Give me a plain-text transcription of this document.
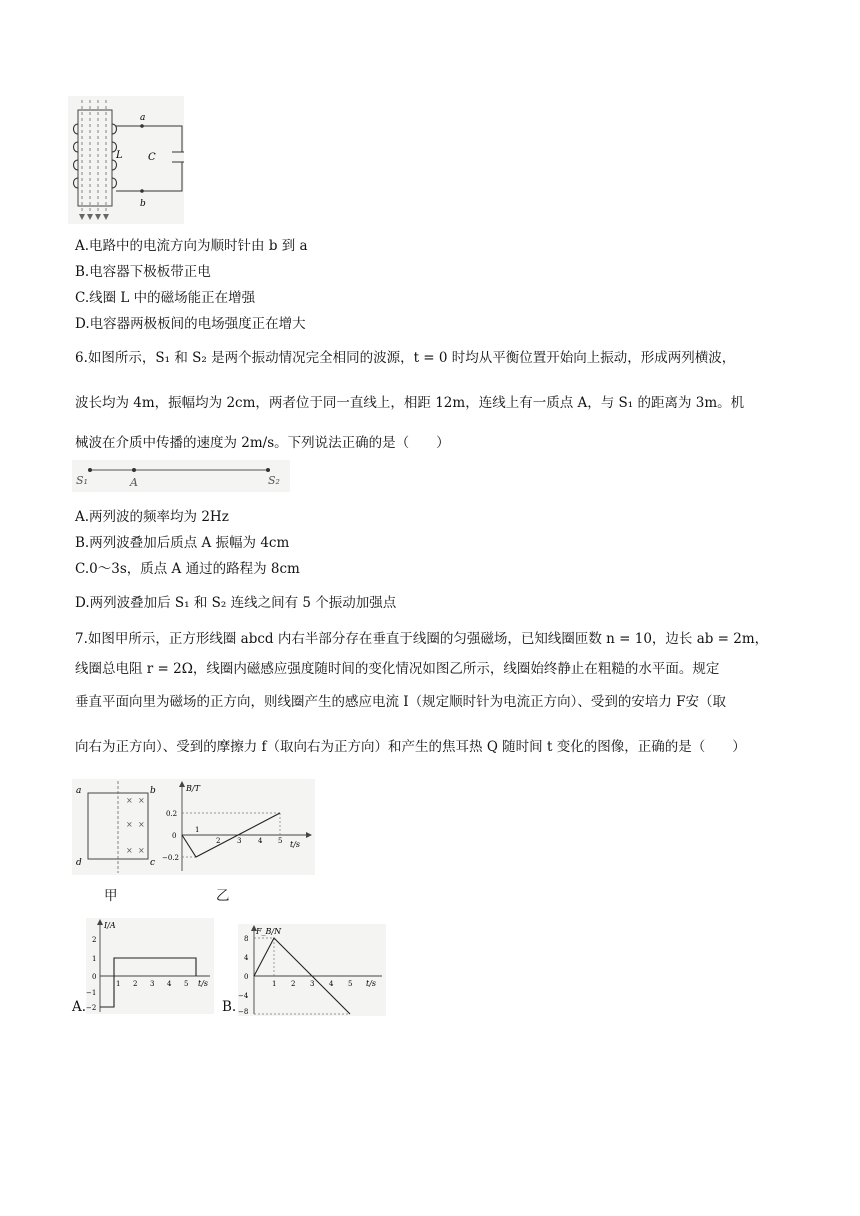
a
b
C
L
A.电路中的电流方向为顺时针由 b 到 a
B.电容器下极板带正电
C.线圈 L 中的磁场能正在增强
D.电容器两极板间的电场强度正在增大
6.如图所示，S₁ 和 S₂ 是两个振动情况完全相同的波源，t = 0 时均从平衡位置开始向上振动，形成两列横波，
波长均为 4m，振幅均为 2cm，两者位于同一直线上，相距 12m，连线上有一质点 A，与 S₁ 的距离为 3m。机
械波在介质中传播的速度为 2m/s。下列说法正确的是（　　）
S₁	A	S₂
A.两列波的频率均为 2Hz
B.两列波叠加后质点 A 振幅为 4cm
C.0～3s，质点 A 通过的路程为 8cm
D.两列波叠加后 S₁ 和 S₂ 连线之间有 5 个振动加强点
7.如图甲所示，正方形线圈 abcd 内右半部分存在垂直于线圈的匀强磁场，已知线圈匝数 n = 10，边长 ab = 2m，
线圈总电阻 r = 2Ω，线圈内磁感应强度随时间的变化情况如图乙所示，线圈始终静止在粗糙的水平面。规定
垂直平面向里为磁场的正方向，则线圈产生的感应电流 I（规定顺时针为电流正方向）、受到的安培力 F安（取
向右为正方向）、受到的摩擦力 f（取向右为正方向）和产生的焦耳热 Q 随时间 t 变化的图像，正确的是（　　）
× ×
× ×
× ×
a	b
c
d
B/T
t/s
0.2
0
−0.2
1
2 3 4 5
甲	乙
I/A
t/s
2
1
0
−1
−2
1 2 3 4 5
A.
F_B/N
t/s
8
4
0
−4
−8
1 2 3 4 5
B.
